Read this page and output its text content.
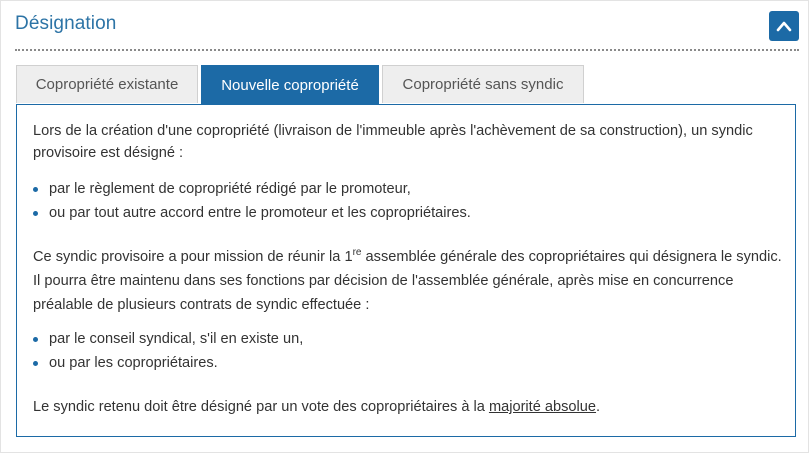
Désignation
Copropriété existante	Nouvelle copropriété	Copropriété sans syndic

Lors de la création d'une copropriété (livraison de l'immeuble après l'achèvement de sa construction), un syndic provisoire est désigné :

par le règlement de copropriété rédigé par le promoteur,
ou par tout autre accord entre le promoteur et les copropriétaires.

Ce syndic provisoire a pour mission de réunir la 1re assemblée générale des copropriétaires qui désignera le syndic. Il pourra être maintenu dans ses fonctions par décision de l'assemblée générale, après mise en concurrence préalable de plusieurs contrats de syndic effectuée :

par le conseil syndical, s'il en existe un,
ou par les copropriétaires.

Le syndic retenu doit être désigné par un vote des copropriétaires à la majorité absolue.
